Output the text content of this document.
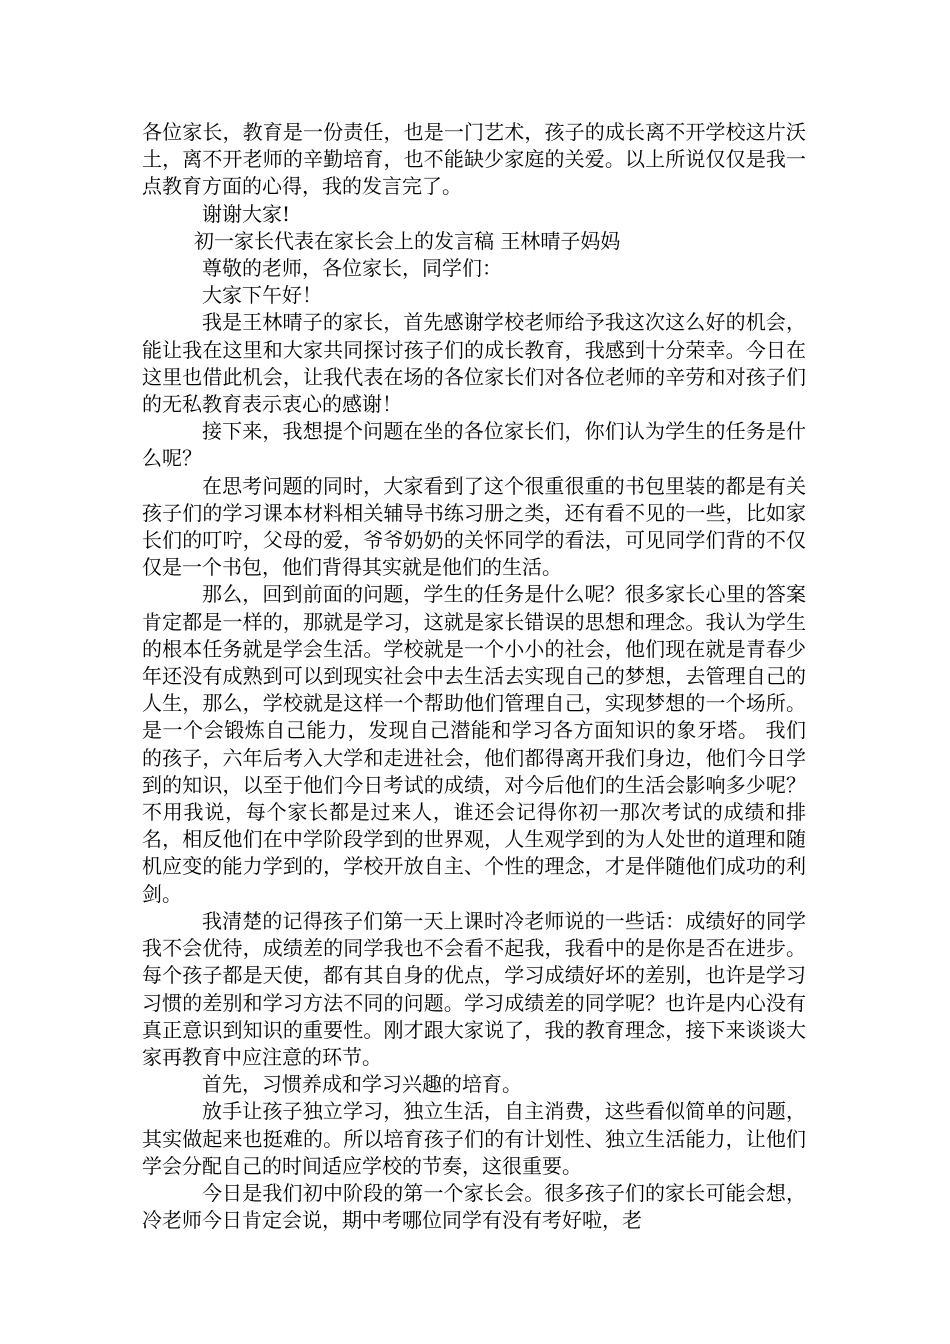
各位家长，教育是一份责任，也是一门艺术，孩子的成长离不开学校这片沃土，离不开老师的辛勤培育，也不能缺少家庭的关爱。以上所说仅仅是我一点教育方面的心得，我的发言完了。

谢谢大家!

初一家长代表在家长会上的发言稿 王林晴子妈妈

尊敬的老师，各位家长，同学们：

大家下午好！

我是王林晴子的家长，首先感谢学校老师给予我这次这么好的机会，能让我在这里和大家共同探讨孩子们的成长教育，我感到十分荣幸。今日在这里也借此机会，让我代表在场的各位家长们对各位老师的辛劳和对孩子们的无私教育表示衷心的感谢！

接下来，我想提个问题在坐的各位家长们，你们认为学生的任务是什么呢？

在思考问题的同时，大家看到了这个很重很重的书包里装的都是有关孩子们的学习课本材料相关辅导书练习册之类，还有看不见的一些，比如家长们的叮咛，父母的爱，爷爷奶奶的关怀同学的看法，可见同学们背的不仅仅是一个书包，他们背得其实就是他们的生活。

那么，回到前面的问题，学生的任务是什么呢？很多家长心里的答案肯定都是一样的，那就是学习，这就是家长错误的思想和理念。我认为学生的根本任务就是学会生活。学校就是一个小小的社会，他们现在就是青春少年还没有成熟到可以到现实社会中去生活去实现自己的梦想，去管理自己的人生，那么，学校就是这样一个帮助他们管理自己，实现梦想的一个场所。是一个会锻炼自己能力，发现自己潜能和学习各方面知识的象牙塔。 我们的孩子，六年后考入大学和走进社会，他们都得离开我们身边，他们今日学到的知识，以至于他们今日考试的成绩，对今后他们的生活会影响多少呢？不用我说，每个家长都是过来人，谁还会记得你初一那次考试的成绩和排名，相反他们在中学阶段学到的世界观，人生观学到的为人处世的道理和随机应变的能力学到的，学校开放自主、个性的理念，才是伴随他们成功的利剑。

我清楚的记得孩子们第一天上课时冷老师说的一些话：成绩好的同学我不会优待，成绩差的同学我也不会看不起我，我看中的是你是否在进步。每个孩子都是天使，都有其自身的优点，学习成绩好坏的差别，也许是学习习惯的差别和学习方法不同的问题。学习成绩差的同学呢？也许是内心没有真正意识到知识的重要性。刚才跟大家说了，我的教育理念，接下来谈谈大家再教育中应注意的环节。

首先，习惯养成和学习兴趣的培育。

放手让孩子独立学习，独立生活，自主消费，这些看似简单的问题，其实做起来也挺难的。所以培育孩子们的有计划性、独立生活能力，让他们学会分配自己的时间适应学校的节奏，这很重要。

今日是我们初中阶段的第一个家长会。很多孩子们的家长可能会想，冷老师今日肯定会说，期中考哪位同学有没有考好啦，老
